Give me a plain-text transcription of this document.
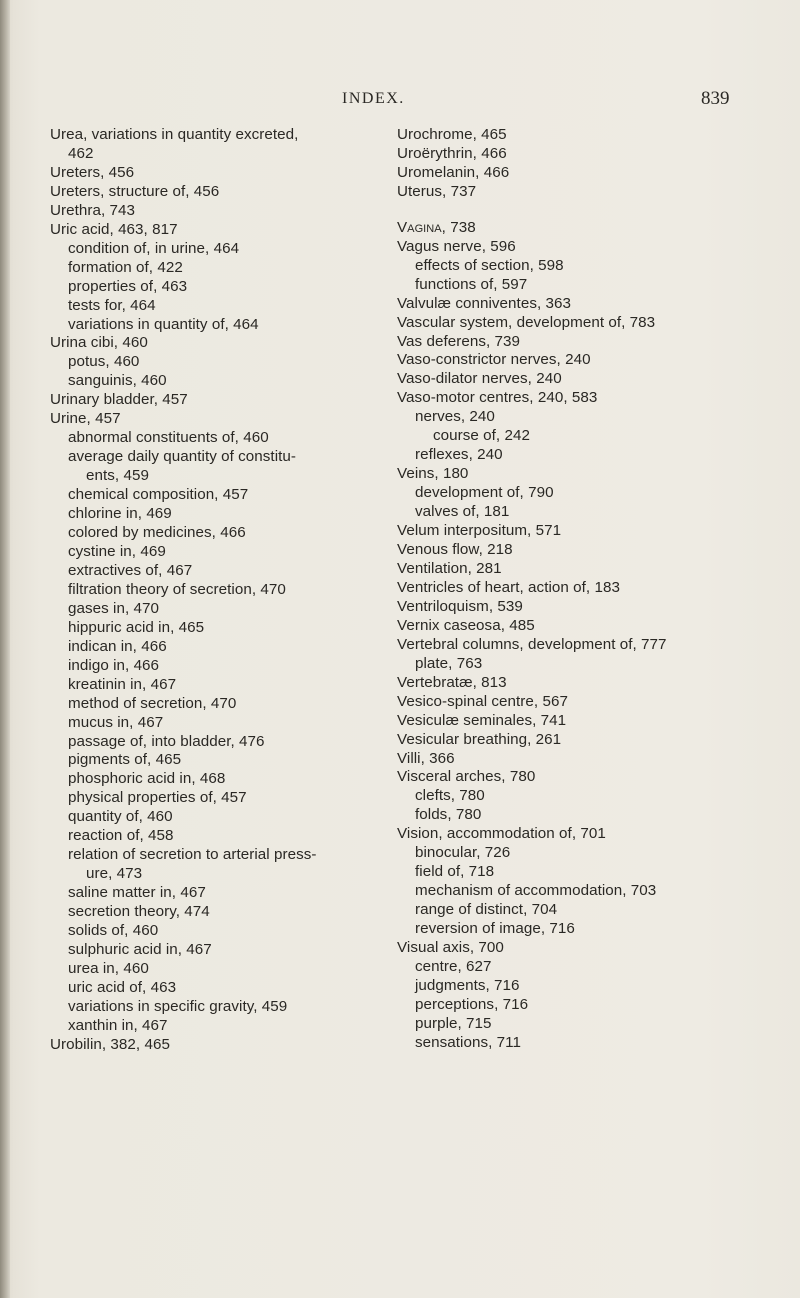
INDEX.	839
Urea, variations in quantity excreted,
462
Ureters, 456
Ureters, structure of, 456
Urethra, 743
Uric acid, 463, 817
condition of, in urine, 464
formation of, 422
properties of, 463
tests for, 464
variations in quantity of, 464
Urina cibi, 460
potus, 460
sanguinis, 460
Urinary bladder, 457
Urine, 457
abnormal constituents of, 460
average daily quantity of constitu-
ents, 459
chemical composition, 457
chlorine in, 469
colored by medicines, 466
cystine in, 469
extractives of, 467
filtration theory of secretion, 470
gases in, 470
hippuric acid in, 465
indican in, 466
indigo in, 466
kreatinin in, 467
method of secretion, 470
mucus in, 467
passage of, into bladder, 476
pigments of, 465
phosphoric acid in, 468
physical properties of, 457
quantity of, 460
reaction of, 458
relation of secretion to arterial press-
ure, 473
saline matter in, 467
secretion theory, 474
solids of, 460
sulphuric acid in, 467
urea in, 460
uric acid of, 463
variations in specific gravity, 459
xanthin in, 467
Urobilin, 382, 465
Urochrome, 465
Uroërythrin, 466
Uromelanin, 466
Uterus, 737
Vagina, 738
Vagus nerve, 596
effects of section, 598
functions of, 597
Valvulæ conniventes, 363
Vascular system, development of, 783
Vas deferens, 739
Vaso-constrictor nerves, 240
Vaso-dilator nerves, 240
Vaso-motor centres, 240, 583
nerves, 240
course of, 242
reflexes, 240
Veins, 180
development of, 790
valves of, 181
Velum interpositum, 571
Venous flow, 218
Ventilation, 281
Ventricles of heart, action of, 183
Ventriloquism, 539
Vernix caseosa, 485
Vertebral columns, development of, 777
plate, 763
Vertebratæ, 813
Vesico-spinal centre, 567
Vesiculæ seminales, 741
Vesicular breathing, 261
Villi, 366
Visceral arches, 780
clefts, 780
folds, 780
Vision, accommodation of, 701
binocular, 726
field of, 718
mechanism of accommodation, 703
range of distinct, 704
reversion of image, 716
Visual axis, 700
centre, 627
judgments, 716
perceptions, 716
purple, 715
sensations, 711
